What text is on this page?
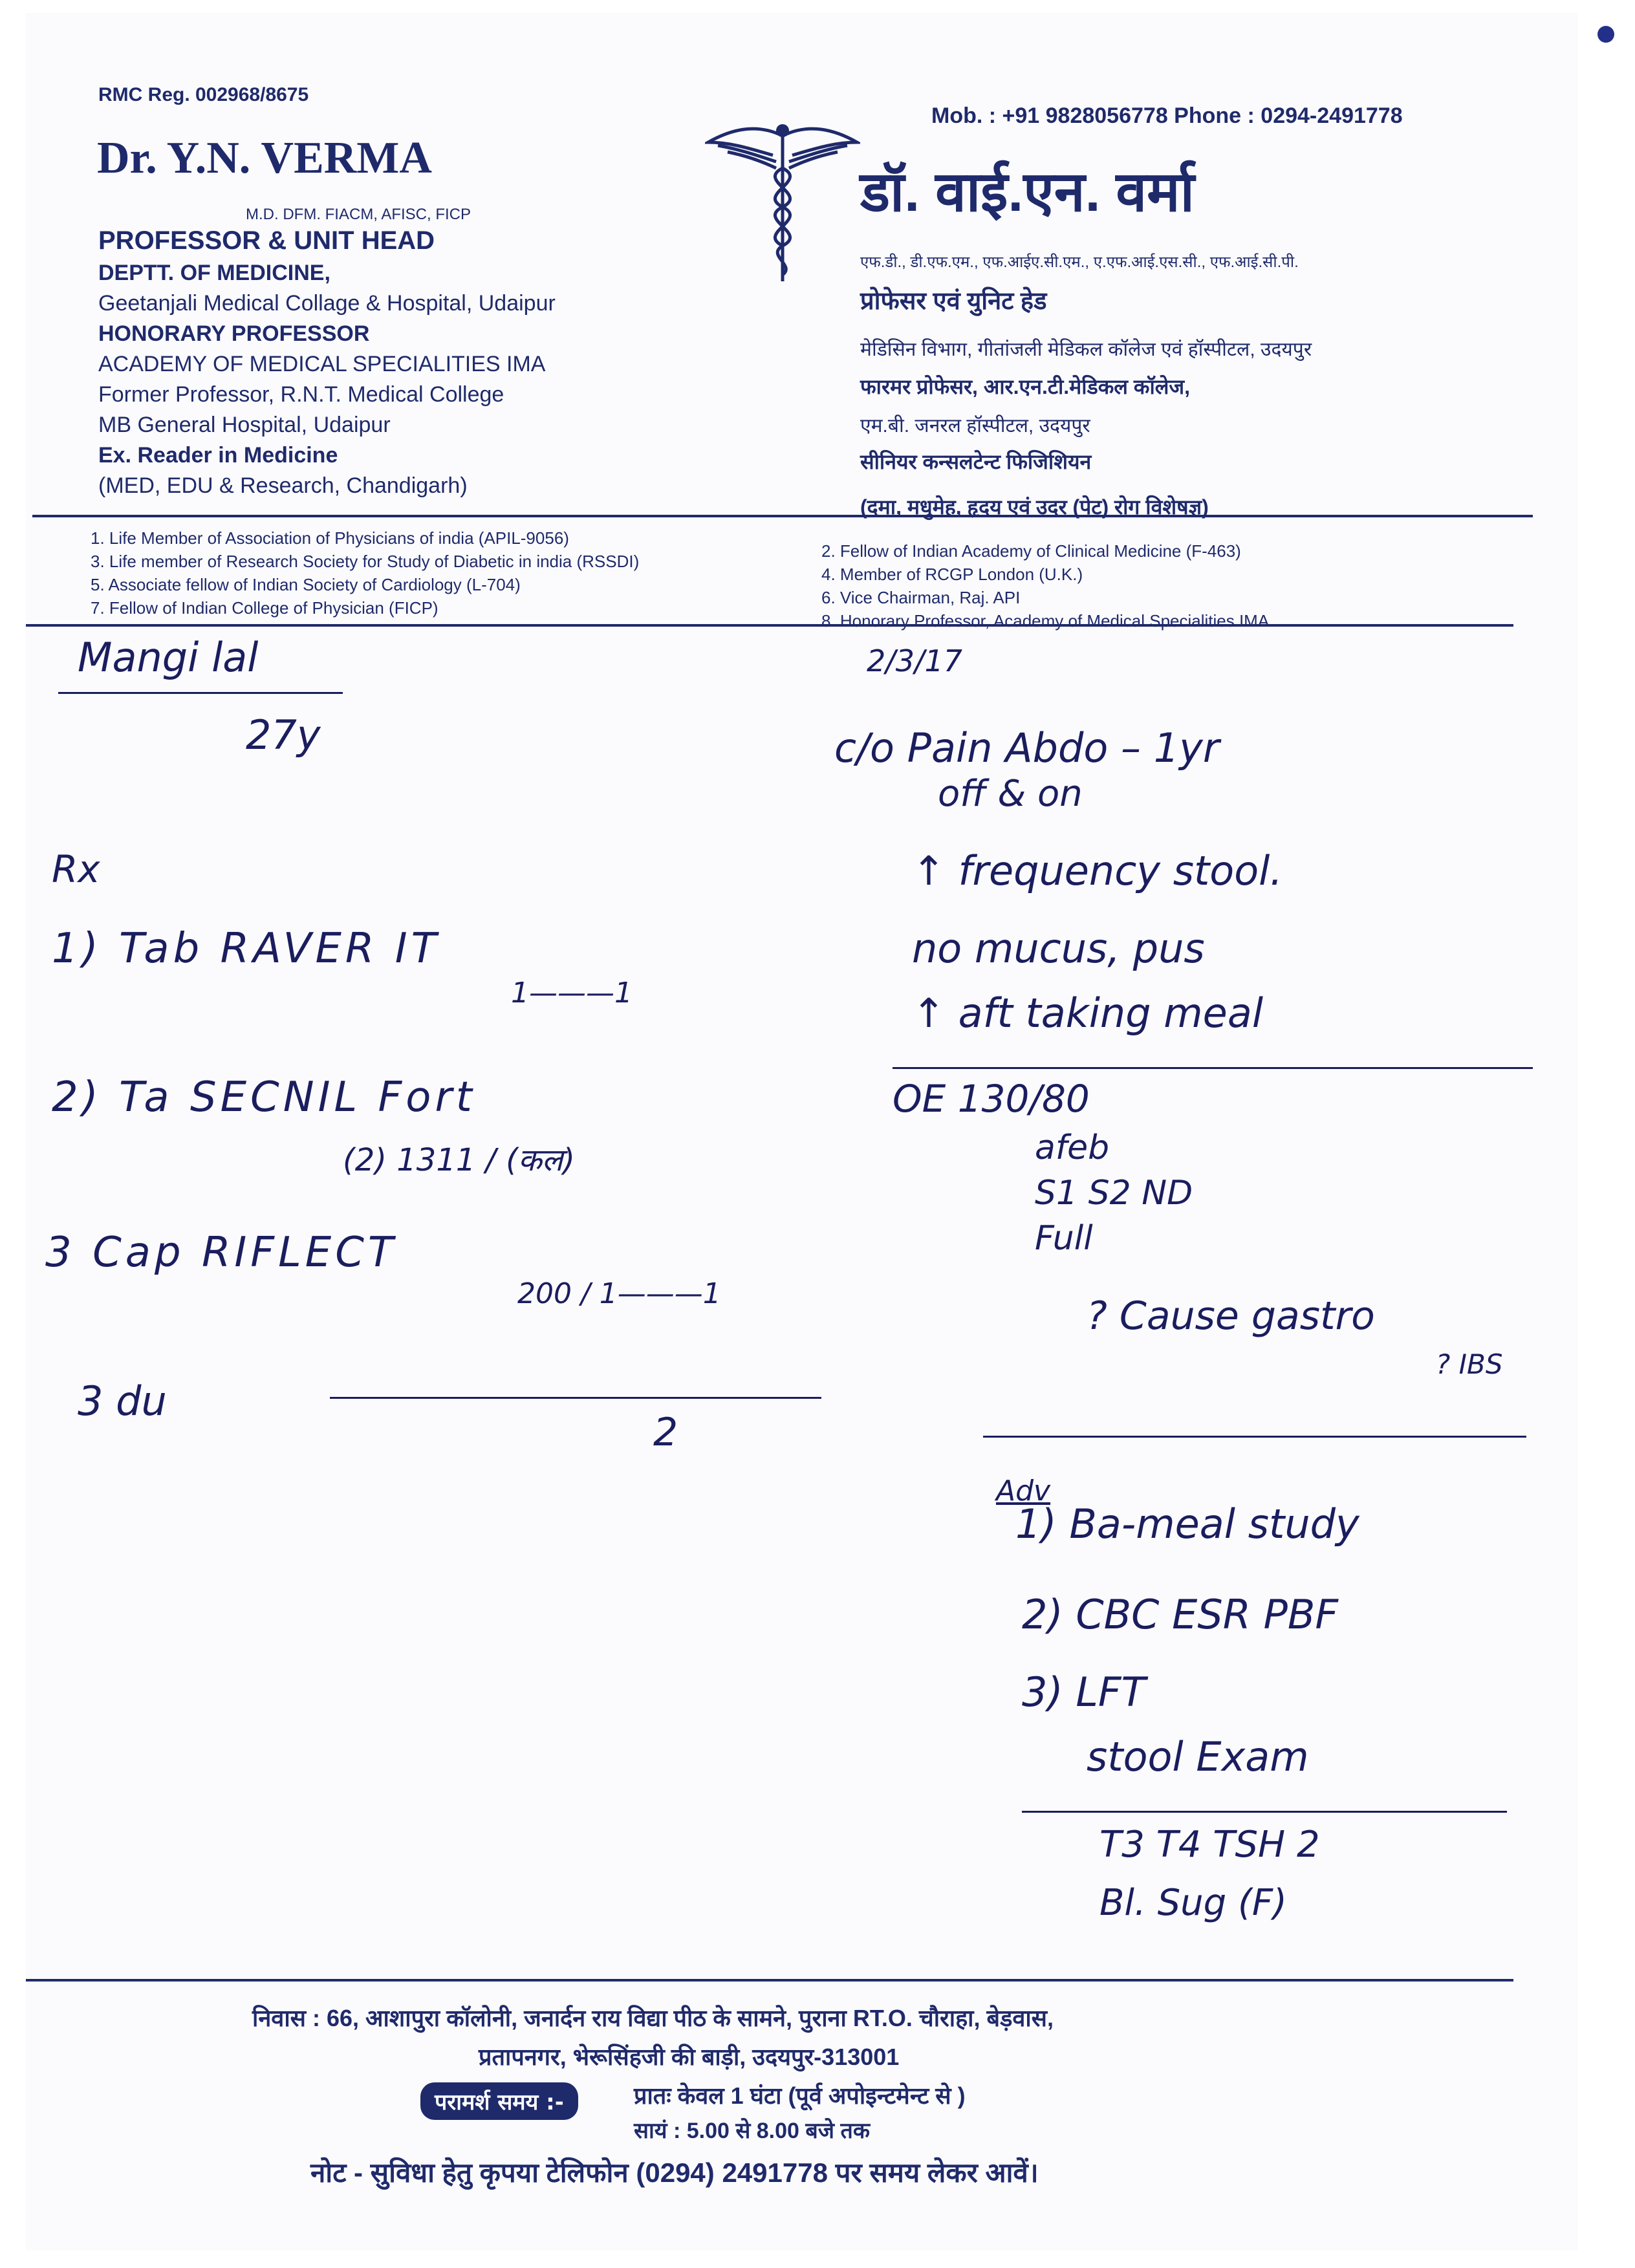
RMC Reg. 002968/8675
Dr. Y.N. VERMA
M.D. DFM. FIACM, AFISC, FICP
PROFESSOR & UNIT HEAD
DEPTT. OF MEDICINE,
Geetanjali Medical Collage & Hospital, Udaipur
HONORARY PROFESSOR
ACADEMY OF MEDICAL SPECIALITIES IMA
Former Professor, R.N.T. Medical College
MB General Hospital, Udaipur
Ex. Reader in Medicine
(MED, EDU & Research, Chandigarh)
Mob. : +91 9828056778 Phone : 0294-2491778
डॉ. वाई.एन. वर्मा
एफ.डी., डी.एफ.एम., एफ.आईए.सी.एम., ए.एफ.आई.एस.सी., एफ.आई.सी.पी.
प्रोफेसर एवं युनिट हेड
मेडिसिन विभाग, गीतांजली मेडिकल कॉलेज एवं हॉस्पीटल, उदयपुर
फारमर प्रोफेसर, आर.एन.टी.मेडिकल कॉलेज,
एम.बी. जनरल हॉस्पीटल, उदयपुर
सीनियर कन्सलटेन्ट फिजिशियन
(दमा, मधुमेह, हृदय एवं उदर (पेट) रोग विशेषज्ञ)
1. Life Member of Association of Physicians of india (APIL-9056)
3. Life member of Research Society for Study of Diabetic in india (RSSDI)
5. Associate fellow of Indian Society of Cardiology (L-704)
7. Fellow of Indian College of Physician (FICP)
2. Fellow of Indian Academy of Clinical Medicine (F-463)
4. Member of RCGP London (U.K.)
6. Vice Chairman, Raj. API
8. Honorary Professor, Academy of Medical Specialities IMA
Mangi lal
27y
Rx
1) Tab RAVER IT
1———1
2) Ta SECNIL Fort
(2) 1311 / (कल)
3 Cap RIFLECT
200 / 1———1
3 du
2
2/3/17
c/o Pain Abdo – 1yr
off & on
↑ frequency stool.
no mucus, pus
↑ aft taking meal
OE 130/80
afeb
S1 S2 ND
Full
? Cause gastro
? IBS
Adv
1) Ba-meal study
2) CBC ESR PBF
3) LFT
stool Exam
T3 T4 TSH 2
Bl. Sug (F)
निवास : 66, आशापुरा कॉलोनी, जनार्दन राय विद्या पीठ के सामने, पुराना RT.O. चौराहा, बेड़वास,
प्रतापनगर, भेरूसिंहजी की बाड़ी, उदयपुर-313001
परामर्श समय :-	प्रातः केवल 1 घंटा (पूर्व अपोइन्टमेन्ट से )
सायं : 5.00 से 8.00 बजे तक
नोट - सुविधा हेतु कृपया टेलिफोन (0294) 2491778 पर समय लेकर आवें।
